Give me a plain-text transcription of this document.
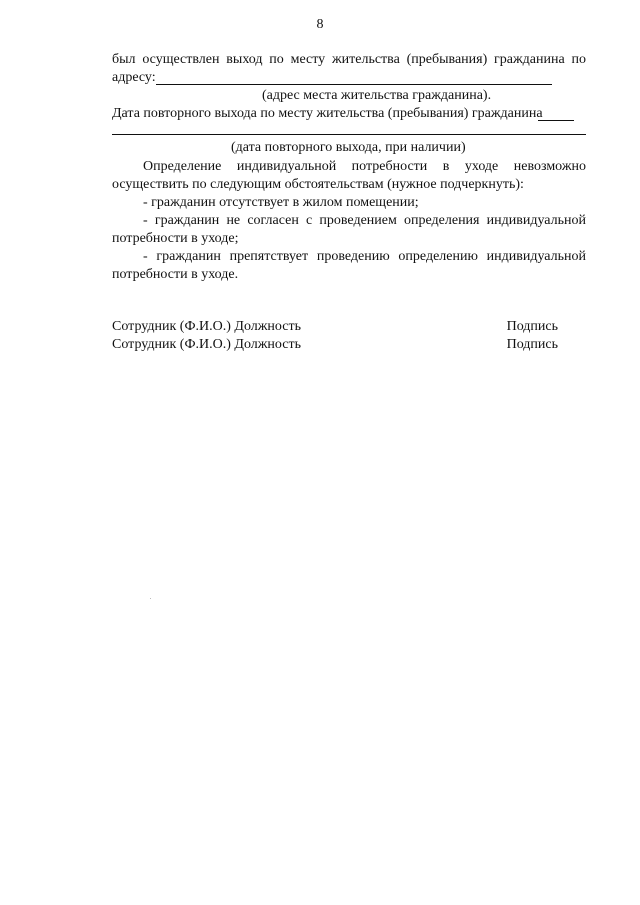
8
был осуществлен выход по месту жительства (пребывания) гражданина по
адресу:
(адрес места жительства гражданина).
Дата повторного выхода по месту жительства (пребывания) гражданина
(дата повторного выхода, при наличии)
Определение индивидуальной потребности в уходе невозможно
осуществить по следующим обстоятельствам (нужное подчеркнуть):
- гражданин отсутствует в жилом помещении;
- гражданин не согласен с проведением определения индивидуальной
потребности в уходе;
- гражданин препятствует проведению определению индивидуальной
потребности в уходе.
Сотрудник (Ф.И.О.) Должность	Подпись
Сотрудник (Ф.И.О.) Должность	Подпись
